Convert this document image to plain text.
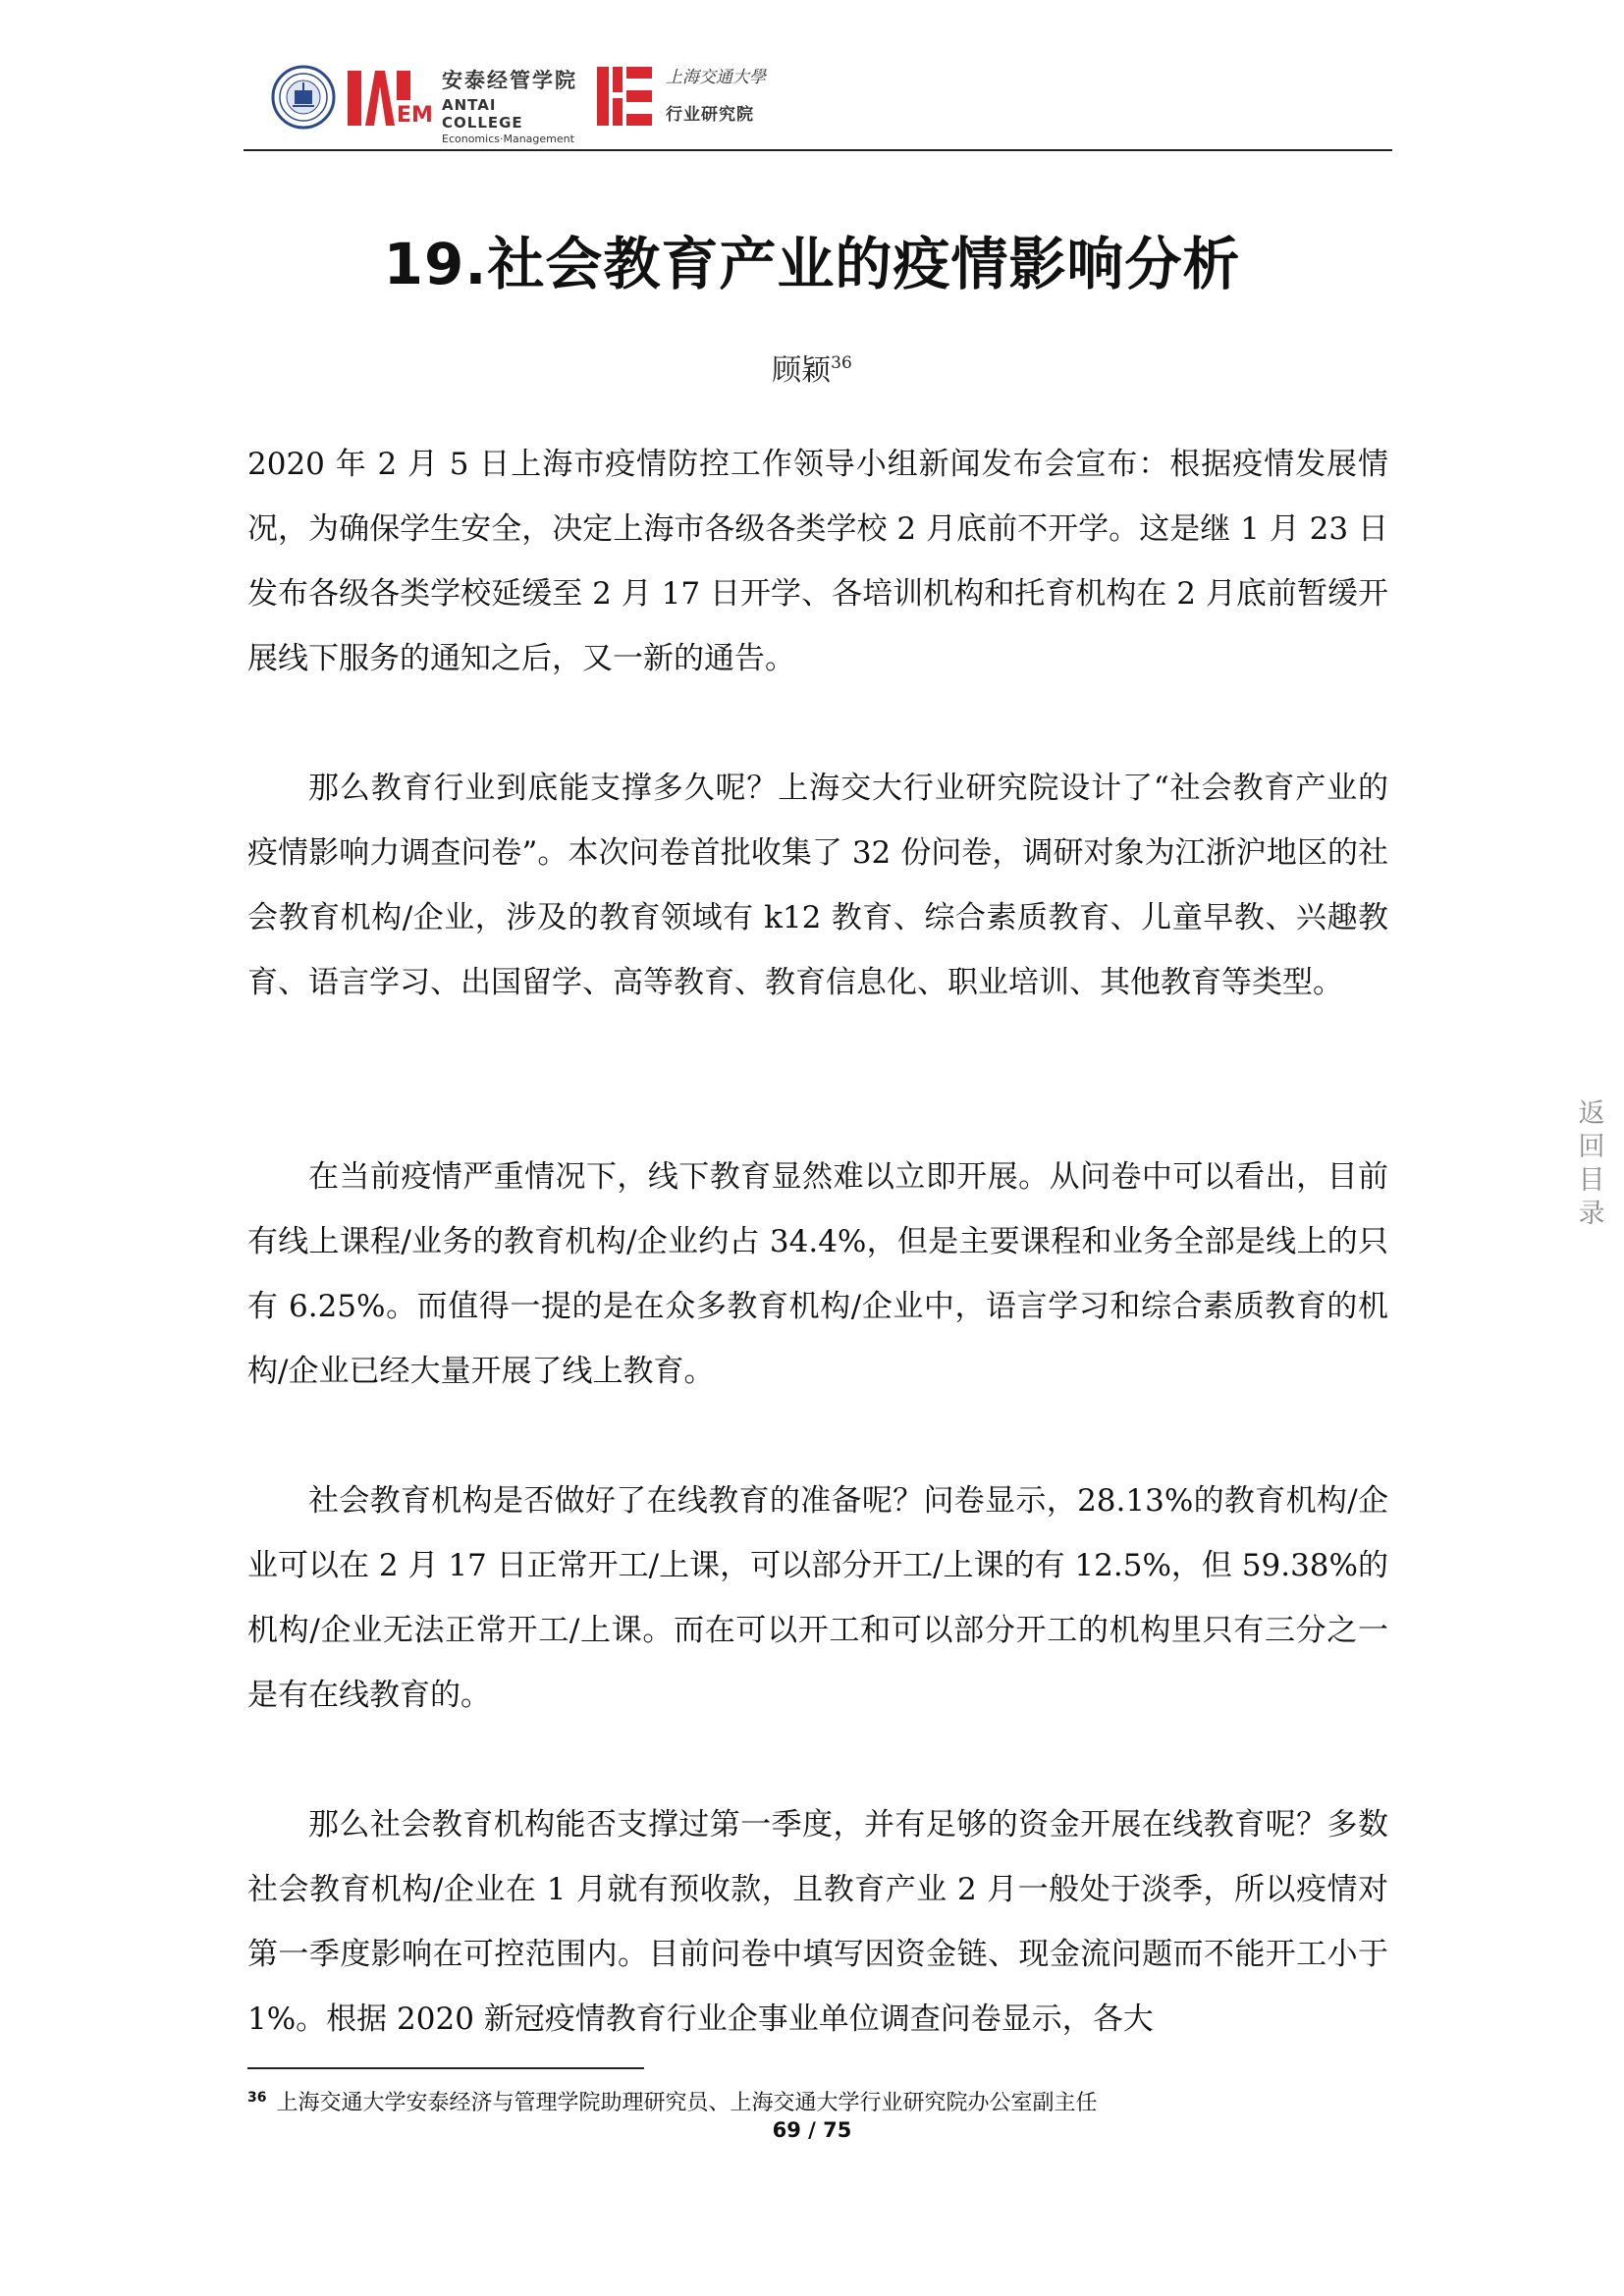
EM
安泰经管学院
ANTAI COLLEGE
Economics·Management
上海交通大學
行业研究院
19.社会教育产业的疫情影响分析
顾颖$^{36}$

2020 年 2 月 5 日上海市疫情防控工作领导小组新闻发布会宣布：根据疫情发展情况，为确保学生安全，决定上海市各级各类学校 2 月底前不开学。这是继 1 月 23 日发布各级各类学校延缓至 2 月 17 日开学、各培训机构和托育机构在 2 月底前暂缓开展线下服务的通知之后，又一新的通告。

那么教育行业到底能支撑多久呢？上海交大行业研究院设计了“社会教育产业的疫情影响力调查问卷”。本次问卷首批收集了 32 份问卷，调研对象为江浙沪地区的社会教育机构/企业，涉及的教育领域有 k12 教育、综合素质教育、儿童早教、兴趣教育、语言学习、出国留学、高等教育、教育信息化、职业培训、其他教育等类型。

在当前疫情严重情况下，线下教育显然难以立即开展。从问卷中可以看出，目前有线上课程/业务的教育机构/企业约占 34.4%，但是主要课程和业务全部是线上的只有 6.25%。而值得一提的是在众多教育机构/企业中，语言学习和综合素质教育的机构/企业已经大量开展了线上教育。

社会教育机构是否做好了在线教育的准备呢？问卷显示，28.13%的教育机构/企业可以在 2 月 17 日正常开工/上课，可以部分开工/上课的有 12.5%，但 59.38%的机构/企业无法正常开工/上课。而在可以开工和可以部分开工的机构里只有三分之一是有在线教育的。

那么社会教育机构能否支撑过第一季度，并有足够的资金开展在线教育呢？多数社会教育机构/企业在 1 月就有预收款，且教育产业 2 月一般处于淡季，所以疫情对第一季度影响在可控范围内。目前问卷中填写因资金链、现金流问题而不能开工小于 1%。根据 2020 新冠疫情教育行业企事业单位调查问卷显示，各大

返
回
目
录
$^{36}$ 上海交通大学安泰经济与管理学院助理研究员、上海交通大学行业研究院办公室副主任
69 / 75
